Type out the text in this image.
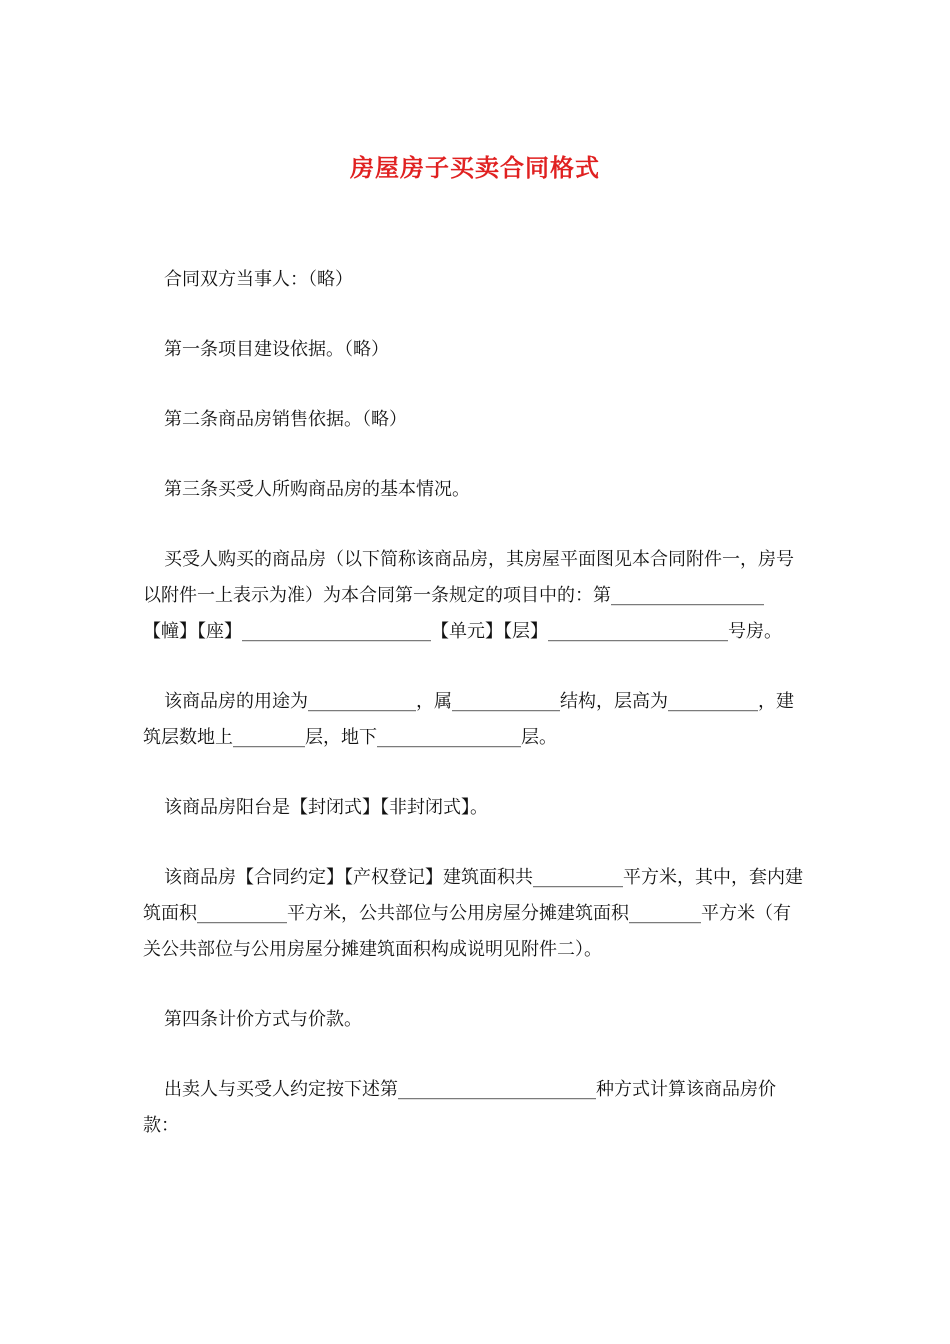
房屋房子买卖合同格式

合同双方当事人：（略）

第一条项目建设依据。（略）

第二条商品房销售依据。（略）

第三条买受人所购商品房的基本情况。

买受人购买的商品房（以下简称该商品房，其房屋平面图见本合同附件一，房号以附件一上表示为准）为本合同第一条规定的项目中的：第_________________【幢】【座】_____________________【单元】【层】____________________号房。

该商品房的用途为____________，属____________结构，层高为__________，建筑层数地上________层，地下________________层。

该商品房阳台是【封闭式】【非封闭式】。

该商品房【合同约定】【产权登记】建筑面积共__________平方米，其中，套内建筑面积__________平方米，公共部位与公用房屋分摊建筑面积________平方米（有关公共部位与公用房屋分摊建筑面积构成说明见附件二）。

第四条计价方式与价款。

出卖人与买受人约定按下述第______________________种方式计算该商品房价款：
